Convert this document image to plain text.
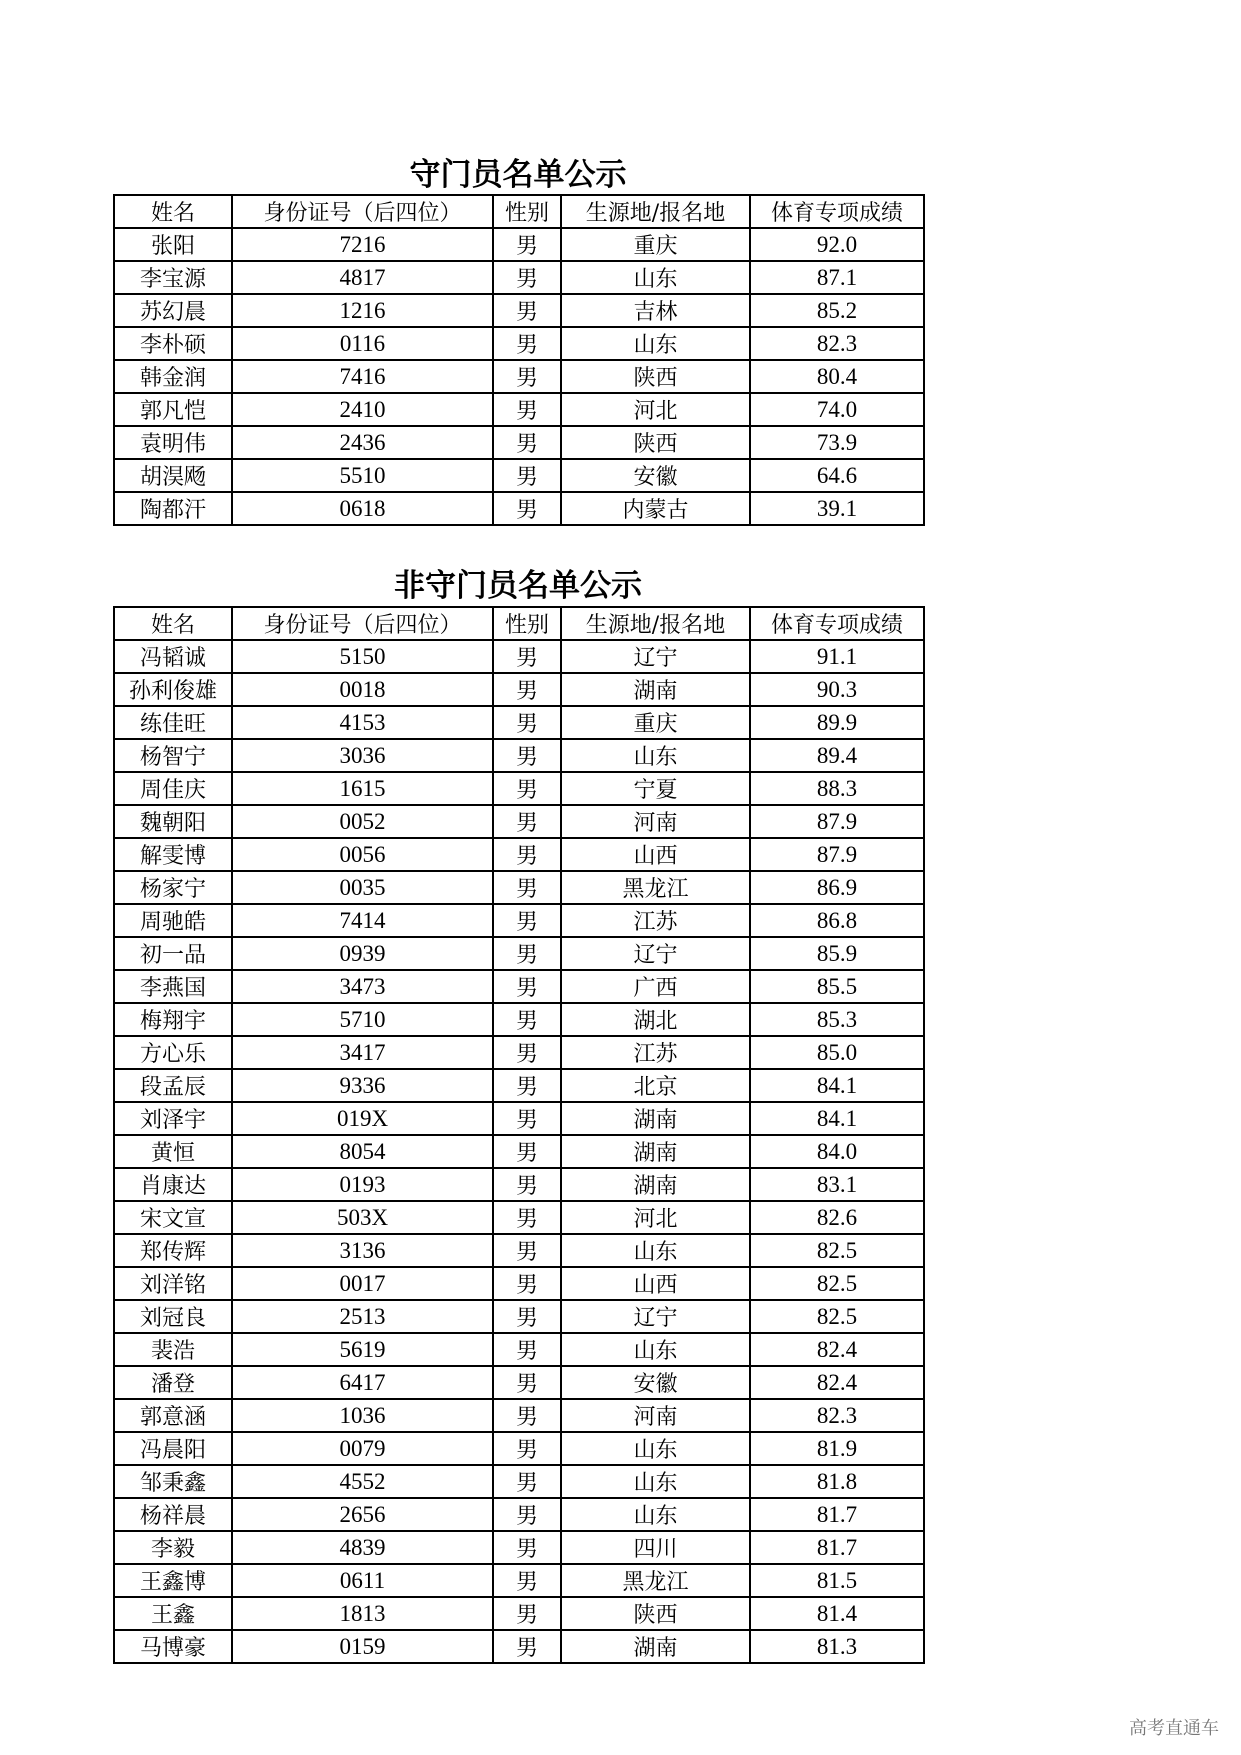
守门员名单公示
姓名	身份证号（后四位）	性别	生源地/报名地	体育专项成绩
张阳	7216	男	重庆	92.0
李宝源	4817	男	山东	87.1
苏幻晨	1216	男	吉林	85.2
李朴硕	0116	男	山东	82.3
韩金润	7416	男	陕西	80.4
郭凡恺	2410	男	河北	74.0
袁明伟	2436	男	陕西	73.9
胡淏飏	5510	男	安徽	64.6
陶都汗	0618	男	内蒙古	39.1
非守门员名单公示
姓名	身份证号（后四位）	性别	生源地/报名地	体育专项成绩
冯韬诚	5150	男	辽宁	91.1
孙利俊雄	0018	男	湖南	90.3
练佳旺	4153	男	重庆	89.9
杨智宁	3036	男	山东	89.4
周佳庆	1615	男	宁夏	88.3
魏朝阳	0052	男	河南	87.9
解雯博	0056	男	山西	87.9
杨家宁	0035	男	黑龙江	86.9
周驰皓	7414	男	江苏	86.8
初一品	0939	男	辽宁	85.9
李燕国	3473	男	广西	85.5
梅翔宇	5710	男	湖北	85.3
方心乐	3417	男	江苏	85.0
段孟辰	9336	男	北京	84.1
刘泽宇	019X	男	湖南	84.1
黄恒	8054	男	湖南	84.0
肖康达	0193	男	湖南	83.1
宋文宣	503X	男	河北	82.6
郑传辉	3136	男	山东	82.5
刘洋铭	0017	男	山西	82.5
刘冠良	2513	男	辽宁	82.5
裴浩	5619	男	山东	82.4
潘登	6417	男	安徽	82.4
郭意涵	1036	男	河南	82.3
冯晨阳	0079	男	山东	81.9
邹秉鑫	4552	男	山东	81.8
杨祥晨	2656	男	山东	81.7
李毅	4839	男	四川	81.7
王鑫博	0611	男	黑龙江	81.5
王鑫	1813	男	陕西	81.4
马博豪	0159	男	湖南	81.3
高考直通车
